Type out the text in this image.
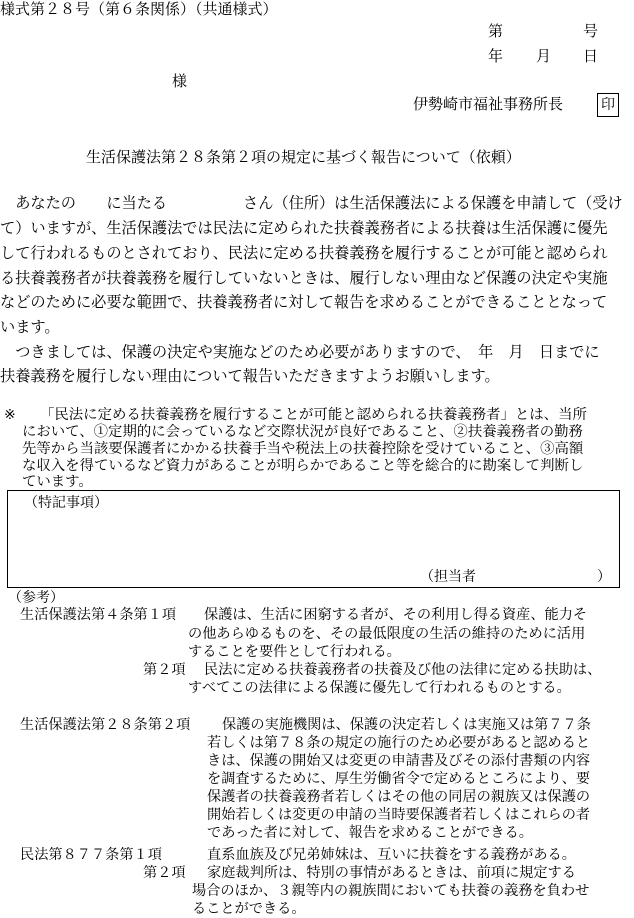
様式第２８号（第６条関係）（共通様式）
第	号
年 月 日
様
伊勢崎市福祉事務所長	印
生活保護法第２８条第２項の規定に基づく報告について（依頼）
　あなたの　　に当たる　　　　　さん（住所）は生活保護法による保護を申請して（受け
て）いますが、生活保護法では民法に定められた扶養義務者による扶養は生活保護に優先
して行われるものとされており、民法に定める扶養義務を履行することが可能と認められ
る扶養義務者が扶養義務を履行していないときは、履行しない理由など保護の決定や実施
などのために必要な範囲で、扶養義務者に対して報告を求めることができることとなって
います。
　つきましては、保護の決定や実施などのため必要がありますので、　年　月　日までに
扶養義務を履行しない理由について報告いただきますようお願いします。
※ 「民法に定める扶養義務を履行することが可能と認められる扶養義務者」とは、当所
において、①定期的に会っているなど交際状況が良好であること、②扶養義務者の勤務
先等から当該要保護者にかかる扶養手当や税法上の扶養控除を受けていること、③高額
な収入を得ているなど資力があることが明らかであること等を総合的に勘案して判断し
ています。
（特記事項）
（担当者	）
（参考）
生活保護法第４条第１項 保護は、生活に困窮する者が、その利用し得る資産、能力そ
の他あらゆるものを、その最低限度の生活の維持のために活用
することを要件として行われる。
第２項 民法に定める扶養義務者の扶養及び他の法律に定める扶助は、
すべてこの法律による保護に優先して行われるものとする。
生活保護法第２８条第２項 保護の実施機関は、保護の決定若しくは実施又は第７７条
若しくは第７８条の規定の施行のため必要があると認めると
きは、保護の開始又は変更の申請書及びその添付書類の内容
を調査するために、厚生労働省令で定めるところにより、要
保護者の扶養義務者若しくはその他の同居の親族又は保護の
開始若しくは変更の申請の当時要保護者若しくはこれらの者
であった者に対して、報告を求めることができる。
民法第８７７条第１項	直系血族及び兄弟姉妹は、互いに扶養をする義務がある。
第２項 家庭裁判所は、特別の事情があるときは、前項に規定する
場合のほか、３親等内の親族間においても扶養の義務を負わせ
ることができる。
